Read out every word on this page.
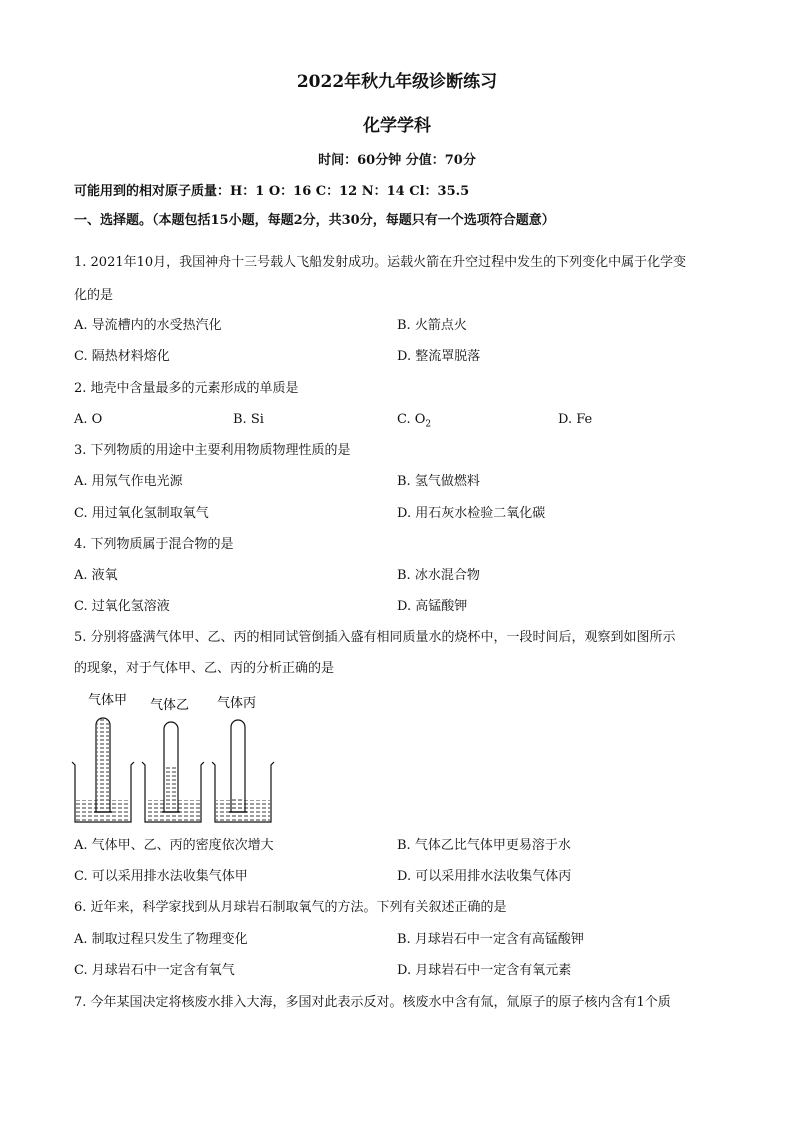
2022年秋九年级诊断练习
化学学科
时间：60分钟 分值：70分
可能用到的相对原子质量：H：1 O：16 C：12 N：14 Cl：35.5
一、选择题。（本题包括15小题，每题2分，共30分，每题只有一个选项符合题意）
1. 2021年10月，我国神舟十三号载人飞船发射成功。运载火箭在升空过程中发生的下列变化中属于化学变
化的是
A. 导流槽内的水受热汽化	B. 火箭点火
C. 隔热材料熔化	D. 整流罩脱落
2. 地壳中含量最多的元素形成的单质是
A. O	B. Si	C. $O_2$	D. Fe
3. 下列物质的用途中主要利用物质物理性质的是
A. 用氖气作电光源	B. 氢气做燃料
C. 用过氧化氢制取氧气	D. 用石灰水检验二氧化碳
4. 下列物质属于混合物的是
A. 液氧	B. 冰水混合物
C. 过氧化氢溶液	D. 高锰酸钾
5. 分别将盛满气体甲、乙、丙的相同试管倒插入盛有相同质量水的烧杯中，一段时间后，观察到如图所示
的现象，对于气体甲、乙、丙的分析正确的是
气体甲 气体乙 气体丙
A. 气体甲、乙、丙的密度依次增大	B. 气体乙比气体甲更易溶于水
C. 可以采用排水法收集气体甲	D. 可以采用排水法收集气体丙
6. 近年来，科学家找到从月球岩石制取氧气的方法。下列有关叙述正确的是
A. 制取过程只发生了物理变化	B. 月球岩石中一定含有高锰酸钾
C. 月球岩石中一定含有氧气	D. 月球岩石中一定含有氧元素
7. 今年某国决定将核废水排入大海，多国对此表示反对。核废水中含有氚，氚原子的原子核内含有1个质
